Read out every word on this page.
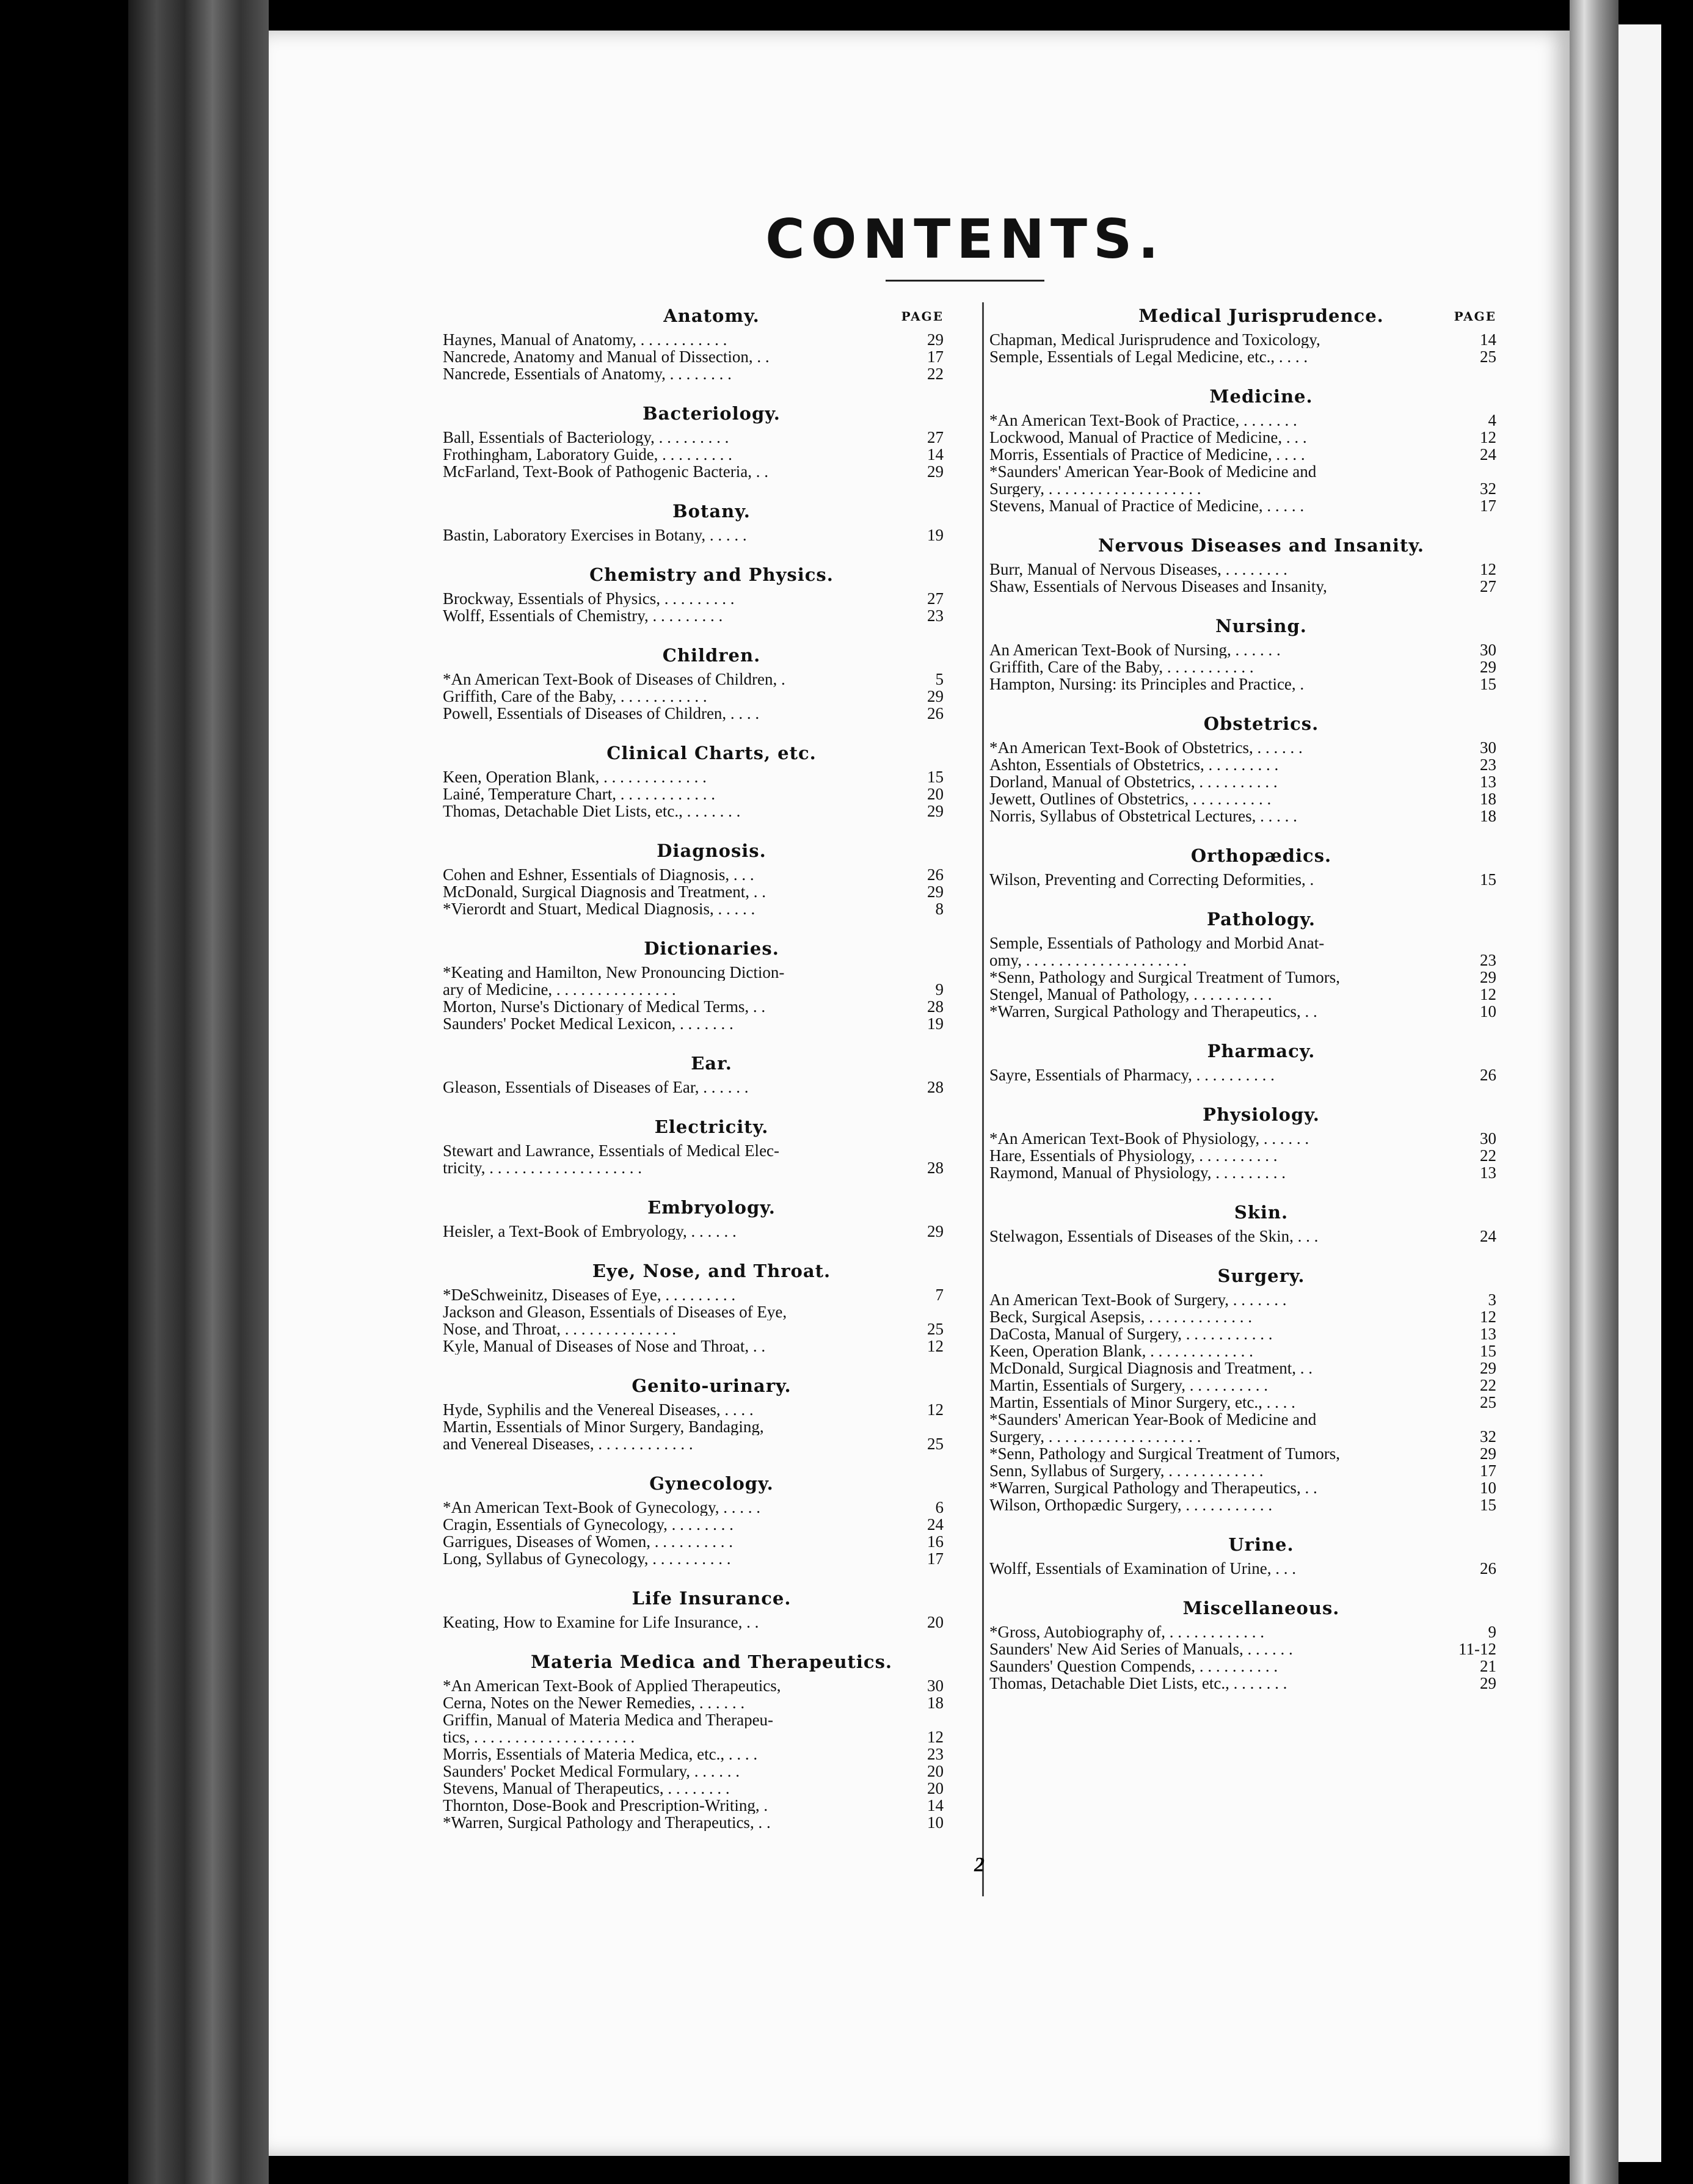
CONTENTS.
Anatomy.	PAGE
Haynes, Manual of Anatomy, . . . . . . . . . . .	29
Nancrede, Anatomy and Manual of Dissection, . .	17
Nancrede, Essentials of Anatomy, . . . . . . . .	22
Bacteriology.
Ball, Essentials of Bacteriology, . . . . . . . . .	27
Frothingham, Laboratory Guide, . . . . . . . . .	14
McFarland, Text-Book of Pathogenic Bacteria, . .	29
Botany.
Bastin, Laboratory Exercises in Botany, . . . . .	19
Chemistry and Physics.
Brockway, Essentials of Physics, . . . . . . . . .	27
Wolff, Essentials of Chemistry, . . . . . . . . .	23
Children.
*An American Text-Book of Diseases of Children, .	5
Griffith, Care of the Baby, . . . . . . . . . . .	29
Powell, Essentials of Diseases of Children, . . . .	26
Clinical Charts, etc.
Keen, Operation Blank, . . . . . . . . . . . . .	15
Lainé, Temperature Chart, . . . . . . . . . . . .	20
Thomas, Detachable Diet Lists, etc., . . . . . . .	29
Diagnosis.
Cohen and Eshner, Essentials of Diagnosis, . . .	26
McDonald, Surgical Diagnosis and Treatment, . .	29
*Vierordt and Stuart, Medical Diagnosis, . . . . .	8
Dictionaries.
*Keating and Hamilton, New Pronouncing Diction-
ary of Medicine, . . . . . . . . . . . . . . .	9
Morton, Nurse's Dictionary of Medical Terms, . .	28
Saunders' Pocket Medical Lexicon, . . . . . . .	19
Ear.
Gleason, Essentials of Diseases of Ear, . . . . . .	28
Electricity.
Stewart and Lawrance, Essentials of Medical Elec-
tricity, . . . . . . . . . . . . . . . . . . .	28
Embryology.
Heisler, a Text-Book of Embryology, . . . . . .	29
Eye, Nose, and Throat.
*DeSchweinitz, Diseases of Eye, . . . . . . . . .	7
Jackson and Gleason, Essentials of Diseases of Eye,
Nose, and Throat, . . . . . . . . . . . . . .	25
Kyle, Manual of Diseases of Nose and Throat, . .	12
Genito-urinary.
Hyde, Syphilis and the Venereal Diseases, . . . .	12
Martin, Essentials of Minor Surgery, Bandaging,
and Venereal Diseases, . . . . . . . . . . . .	25
Gynecology.
*An American Text-Book of Gynecology, . . . . .	6
Cragin, Essentials of Gynecology, . . . . . . . .	24
Garrigues, Diseases of Women, . . . . . . . . . .	16
Long, Syllabus of Gynecology, . . . . . . . . . .	17
Life Insurance.
Keating, How to Examine for Life Insurance, . .	20
Materia Medica and Therapeutics.
*An American Text-Book of Applied Therapeutics,	30
Cerna, Notes on the Newer Remedies, . . . . . .	18
Griffin, Manual of Materia Medica and Therapeu-
tics, . . . . . . . . . . . . . . . . . . . .	12
Morris, Essentials of Materia Medica, etc., . . . .	23
Saunders' Pocket Medical Formulary, . . . . . .	20
Stevens, Manual of Therapeutics, . . . . . . . .	20
Thornton, Dose-Book and Prescription-Writing, .	14
*Warren, Surgical Pathology and Therapeutics, . .	10
Medical Jurisprudence.	PAGE
Chapman, Medical Jurisprudence and Toxicology,	14
Semple, Essentials of Legal Medicine, etc., . . . .	25
Medicine.
*An American Text-Book of Practice, . . . . . . .	4
Lockwood, Manual of Practice of Medicine, . . .	12
Morris, Essentials of Practice of Medicine, . . . .	24
*Saunders' American Year-Book of Medicine and
Surgery, . . . . . . . . . . . . . . . . . . .	32
Stevens, Manual of Practice of Medicine, . . . . .	17
Nervous Diseases and Insanity.
Burr, Manual of Nervous Diseases, . . . . . . . .	12
Shaw, Essentials of Nervous Diseases and Insanity,	27
Nursing.
An American Text-Book of Nursing, . . . . . .	30
Griffith, Care of the Baby, . . . . . . . . . . .	29
Hampton, Nursing: its Principles and Practice, .	15
Obstetrics.
*An American Text-Book of Obstetrics, . . . . . .	30
Ashton, Essentials of Obstetrics, . . . . . . . . .	23
Dorland, Manual of Obstetrics, . . . . . . . . . .	13
Jewett, Outlines of Obstetrics, . . . . . . . . . .	18
Norris, Syllabus of Obstetrical Lectures, . . . . .	18
Orthopædics.
Wilson, Preventing and Correcting Deformities, .	15
Pathology.
Semple, Essentials of Pathology and Morbid Anat-
omy, . . . . . . . . . . . . . . . . . . . .	23
*Senn, Pathology and Surgical Treatment of Tumors,	29
Stengel, Manual of Pathology, . . . . . . . . . .	12
*Warren, Surgical Pathology and Therapeutics, . .	10
Pharmacy.
Sayre, Essentials of Pharmacy, . . . . . . . . . .	26
Physiology.
*An American Text-Book of Physiology, . . . . . .	30
Hare, Essentials of Physiology, . . . . . . . . . .	22
Raymond, Manual of Physiology, . . . . . . . . .	13
Skin.
Stelwagon, Essentials of Diseases of the Skin, . . .	24
Surgery.
An American Text-Book of Surgery, . . . . . . .	3
Beck, Surgical Asepsis, . . . . . . . . . . . . .	12
DaCosta, Manual of Surgery, . . . . . . . . . . .	13
Keen, Operation Blank, . . . . . . . . . . . . .	15
McDonald, Surgical Diagnosis and Treatment, . .	29
Martin, Essentials of Surgery, . . . . . . . . . .	22
Martin, Essentials of Minor Surgery, etc., . . . .	25
*Saunders' American Year-Book of Medicine and
Surgery, . . . . . . . . . . . . . . . . . . .	32
*Senn, Pathology and Surgical Treatment of Tumors,	29
Senn, Syllabus of Surgery, . . . . . . . . . . . .	17
*Warren, Surgical Pathology and Therapeutics, . .	10
Wilson, Orthopædic Surgery, . . . . . . . . . . .	15
Urine.
Wolff, Essentials of Examination of Urine, . . .	26
Miscellaneous.
*Gross, Autobiography of, . . . . . . . . . . . .	9
Saunders' New Aid Series of Manuals, . . . . . .	11-12
Saunders' Question Compends, . . . . . . . . . .	21
Thomas, Detachable Diet Lists, etc., . . . . . . .	29
2
